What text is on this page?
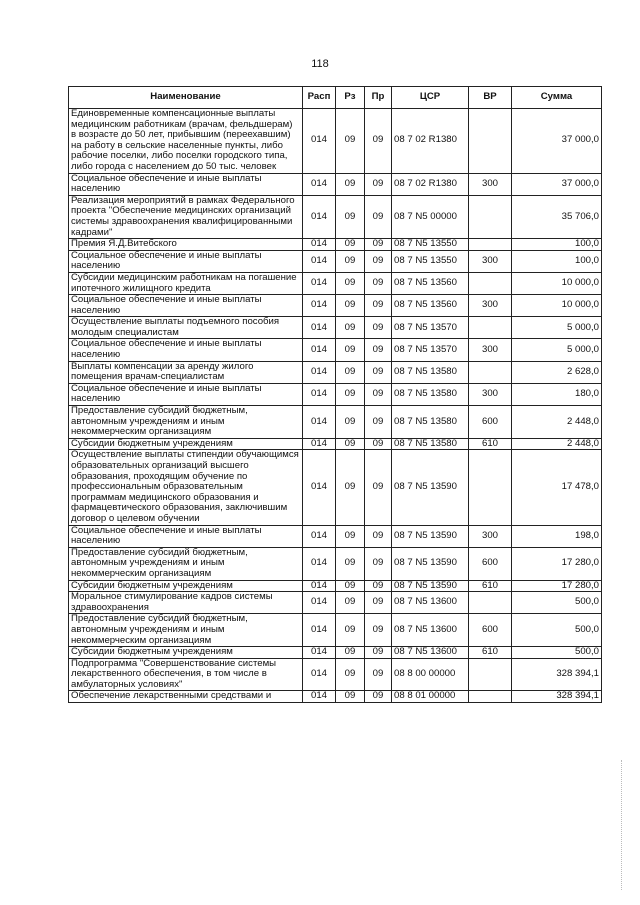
118
Наименование	Расп	Рз	Пр	ЦСР	ВР	Сумма
Единовременные компенсационные выплаты медицинским работникам (врачам, фельдшерам) в возрасте до 50 лет, прибывшим (переехавшим) на работу в сельские населенные пункты, либо рабочие поселки, либо поселки городского типа, либо города с населением до 50 тыс. человек	014	09	09	08 7 02 R1380		37 000,0
Социальное обеспечение и иные выплаты населению	014	09	09	08 7 02 R1380	300	37 000,0
Реализация мероприятий в рамках Федерального проекта "Обеспечение медицинских организаций системы здравоохранения квалифицированными кадрами"	014	09	09	08 7 N5 00000		35 706,0
Премия Я.Д.Витебского	014	09	09	08 7 N5 13550		100,0
Социальное обеспечение и иные выплаты населению	014	09	09	08 7 N5 13550	300	100,0
Субсидии медицинским работникам на погашение ипотечного жилищного кредита	014	09	09	08 7 N5 13560		10 000,0
Социальное обеспечение и иные выплаты населению	014	09	09	08 7 N5 13560	300	10 000,0
Осуществление выплаты подъемного пособия молодым специалистам	014	09	09	08 7 N5 13570		5 000,0
Социальное обеспечение и иные выплаты населению	014	09	09	08 7 N5 13570	300	5 000,0
Выплаты компенсации за аренду жилого помещения врачам-специалистам	014	09	09	08 7 N5 13580		2 628,0
Социальное обеспечение и иные выплаты населению	014	09	09	08 7 N5 13580	300	180,0
Предоставление субсидий бюджетным, автономным учреждениям и иным некоммерческим организациям	014	09	09	08 7 N5 13580	600	2 448,0
Субсидии бюджетным учреждениям	014	09	09	08 7 N5 13580	610	2 448,0
Осуществление выплаты стипендии обучающимся образовательных организаций высшего образования, проходящим обучение по профессиональным образовательным программам медицинского образования и фармацевтического образования, заключившим договор о целевом обучении	014	09	09	08 7 N5 13590		17 478,0
Социальное обеспечение и иные выплаты населению	014	09	09	08 7 N5 13590	300	198,0
Предоставление субсидий бюджетным, автономным учреждениям и иным некоммерческим организациям	014	09	09	08 7 N5 13590	600	17 280,0
Субсидии бюджетным учреждениям	014	09	09	08 7 N5 13590	610	17 280,0
Моральное стимулирование кадров системы здравоохранения	014	09	09	08 7 N5 13600		500,0
Предоставление субсидий бюджетным, автономным учреждениям и иным некоммерческим организациям	014	09	09	08 7 N5 13600	600	500,0
Субсидии бюджетным учреждениям	014	09	09	08 7 N5 13600	610	500,0
Подпрограмма "Совершенствование системы лекарственного обеспечения, в том числе в амбулаторных условиях"	014	09	09	08 8 00 00000		328 394,1
Обеспечение лекарственными средствами и	014	09	09	08 8 01 00000		328 394,1
